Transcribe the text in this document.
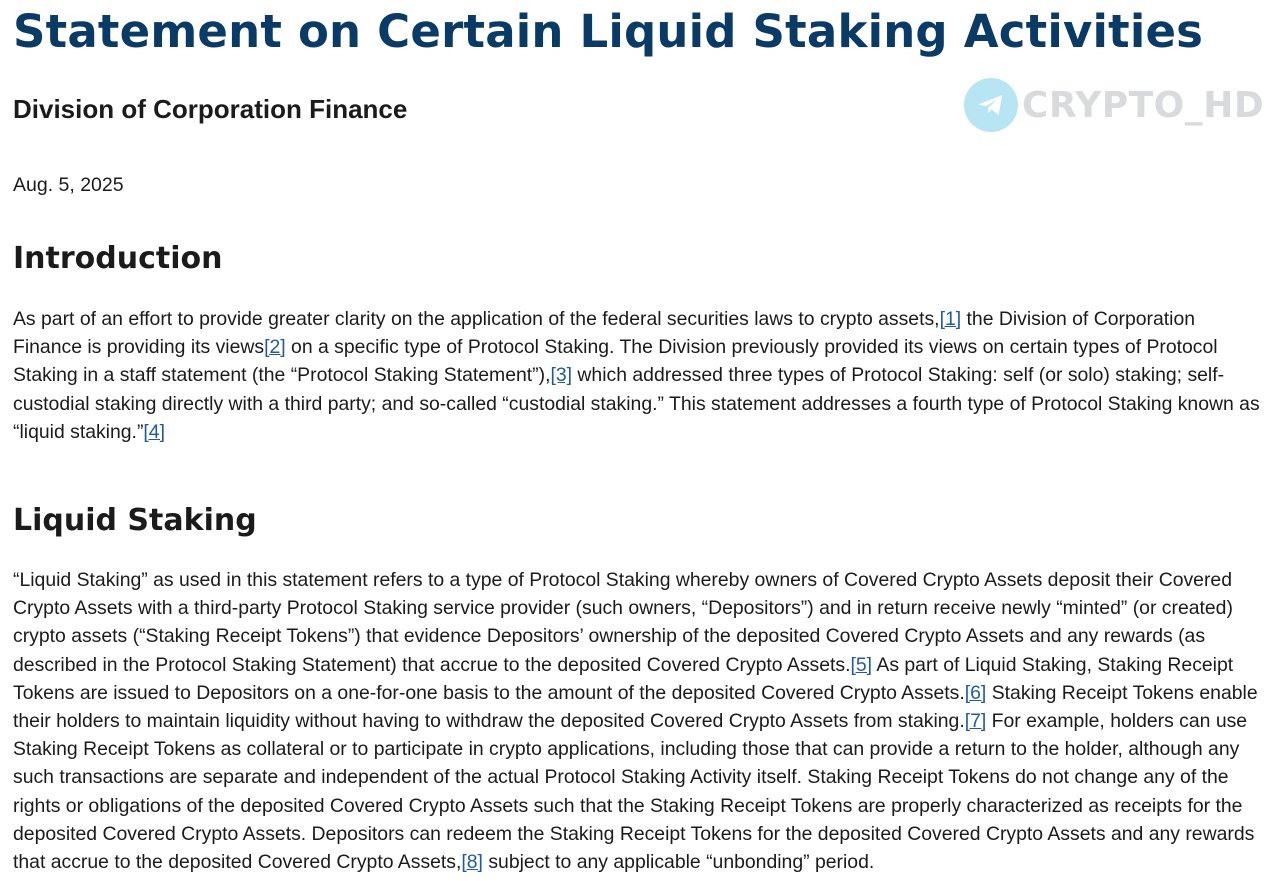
Statement on Certain Liquid Staking Activities
CRYPTO_HD
Division of Corporation Finance

Aug. 5, 2025

Introduction

As part of an effort to provide greater clarity on the application of the federal securities laws to crypto assets,[1] the Division of Corporation Finance is providing its views[2] on a specific type of Protocol Staking. The Division previously provided its views on certain types of Protocol Staking in a staff statement (the “Protocol Staking Statement”),[3] which addressed three types of Protocol Staking: self (or solo) staking; self-custodial staking directly with a third party; and so-called “custodial staking.” This statement addresses a fourth type of Protocol Staking known as “liquid staking.”[4]

Liquid Staking

“Liquid Staking” as used in this statement refers to a type of Protocol Staking whereby owners of Covered Crypto Assets deposit their Covered Crypto Assets with a third-party Protocol Staking service provider (such owners, “Depositors”) and in return receive newly “minted” (or created) crypto assets (“Staking Receipt Tokens”) that evidence Depositors’ ownership of the deposited Covered Crypto Assets and any rewards (as described in the Protocol Staking Statement) that accrue to the deposited Covered Crypto Assets.[5] As part of Liquid Staking, Staking Receipt Tokens are issued to Depositors on a one-for-one basis to the amount of the deposited Covered Crypto Assets.[6] Staking Receipt Tokens enable their holders to maintain liquidity without having to withdraw the deposited Covered Crypto Assets from staking.[7] For example, holders can use Staking Receipt Tokens as collateral or to participate in crypto applications, including those that can provide a return to the holder, although any such transactions are separate and independent of the actual Protocol Staking Activity itself. Staking Receipt Tokens do not change any of the rights or obligations of the deposited Covered Crypto Assets such that the Staking Receipt Tokens are properly characterized as receipts for the deposited Covered Crypto Assets. Depositors can redeem the Staking Receipt Tokens for the deposited Covered Crypto Assets and any rewards that accrue to the deposited Covered Crypto Assets,[8] subject to any applicable “unbonding” period.
